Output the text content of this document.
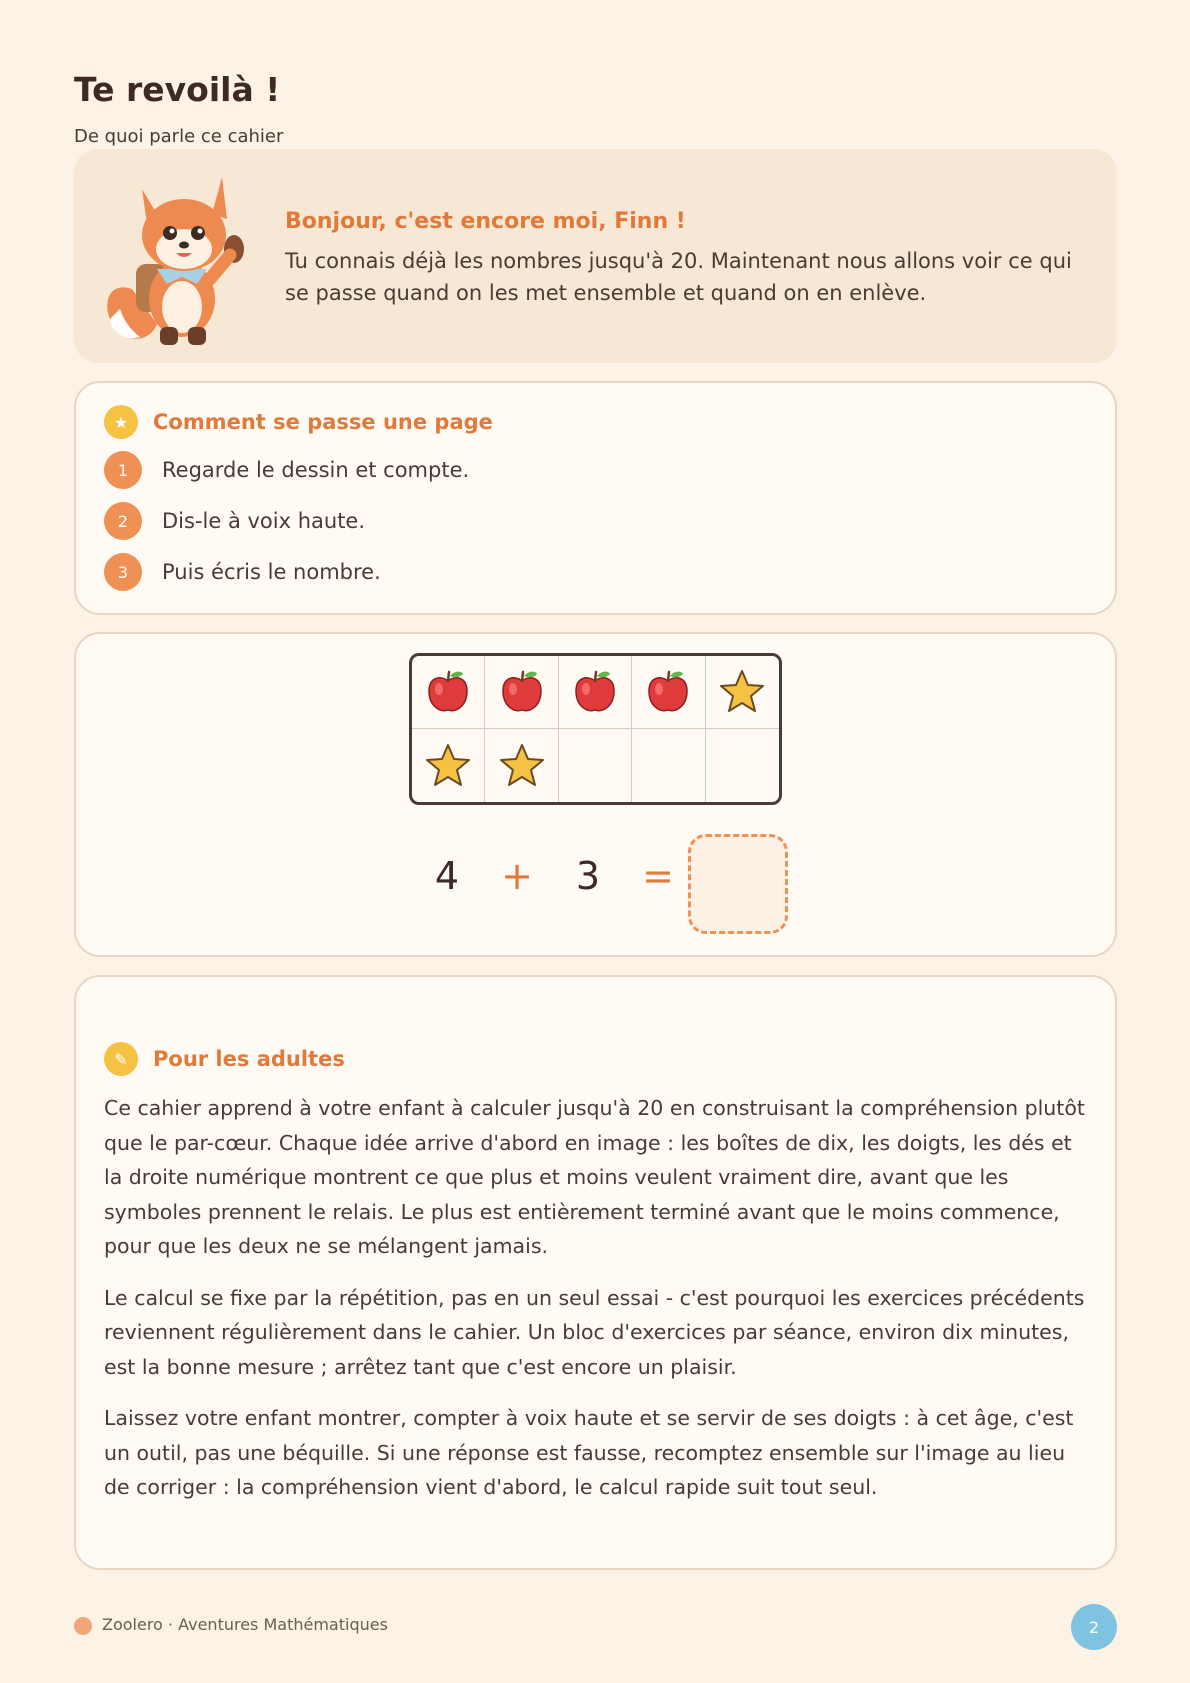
Te revoilà !
De quoi parle ce cahier
Bonjour, c'est encore moi, Finn !
Tu connais déjà les nombres jusqu'à 20. Maintenant nous allons voir ce qui se passe quand on les met ensemble et quand on en enlève.
★	Comment se passe une page
1	Regarde le dessin et compte.
2	Dis-le à voix haute.
3	Puis écris le nombre.
4	+	3	=
✎	Pour les adultes

Ce cahier apprend à votre enfant à calculer jusqu'à 20 en construisant la compréhension plutôt que le par-cœur. Chaque idée arrive d'abord en image : les boîtes de dix, les doigts, les dés et la droite numérique montrent ce que plus et moins veulent vraiment dire, avant que les symboles prennent le relais. Le plus est entièrement terminé avant que le moins commence, pour que les deux ne se mélangent jamais.

Le calcul se fixe par la répétition, pas en un seul essai - c'est pourquoi les exercices précédents reviennent régulièrement dans le cahier. Un bloc d'exercices par séance, environ dix minutes, est la bonne mesure ; arrêtez tant que c'est encore un plaisir.

Laissez votre enfant montrer, compter à voix haute et se servir de ses doigts : à cet âge, c'est un outil, pas une béquille. Si une réponse est fausse, recomptez ensemble sur l'image au lieu de corriger : la compréhension vient d'abord, le calcul rapide suit tout seul.

Zoolero · Aventures Mathématiques	2
